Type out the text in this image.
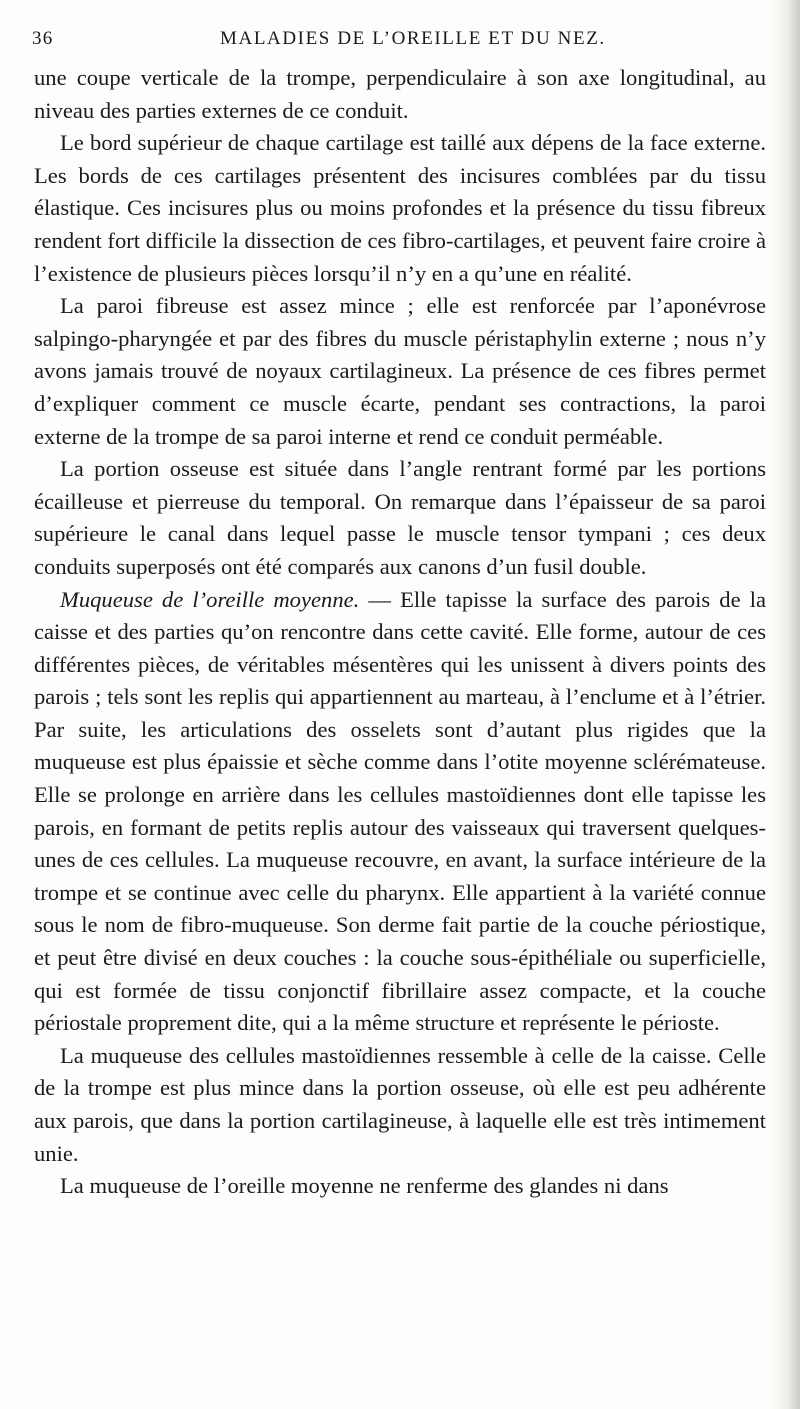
36	MALADIES DE L’OREILLE ET DU NEZ.

une coupe verticale de la trompe, perpendiculaire à son axe longitudinal, au niveau des parties externes de ce conduit.

Le bord supérieur de chaque cartilage est taillé aux dépens de la face externe. Les bords de ces cartilages présentent des incisures comblées par du tissu élastique. Ces incisures plus ou moins profondes et la présence du tissu fibreux rendent fort difficile la dissection de ces fibro-cartilages, et peuvent faire croire à l’existence de plusieurs pièces lorsqu’il n’y en a qu’une en réalité.

La paroi fibreuse est assez mince ; elle est renforcée par l’aponévrose salpingo-pharyngée et par des fibres du muscle péristaphylin externe ; nous n’y avons jamais trouvé de noyaux cartilagineux. La présence de ces fibres permet d’expliquer comment ce muscle écarte, pendant ses contractions, la paroi externe de la trompe de sa paroi interne et rend ce conduit perméable.

La portion osseuse est située dans l’angle rentrant formé par les portions écailleuse et pierreuse du temporal. On remarque dans l’épaisseur de sa paroi supérieure le canal dans lequel passe le muscle tensor tympani ; ces deux conduits superposés ont été comparés aux canons d’un fusil double.

Muqueuse de l’oreille moyenne. — Elle tapisse la surface des parois de la caisse et des parties qu’on rencontre dans cette cavité. Elle forme, autour de ces différentes pièces, de véritables mésentères qui les unissent à divers points des parois ; tels sont les replis qui appartiennent au marteau, à l’enclume et à l’étrier. Par suite, les articulations des osselets sont d’autant plus rigides que la muqueuse est plus épaissie et sèche comme dans l’otite moyenne sclérémateuse. Elle se prolonge en arrière dans les cellules mastoïdiennes dont elle tapisse les parois, en formant de petits replis autour des vaisseaux qui traversent quelques-unes de ces cellules. La muqueuse recouvre, en avant, la surface intérieure de la trompe et se continue avec celle du pharynx. Elle appartient à la variété connue sous le nom de fibro-muqueuse. Son derme fait partie de la couche périostique, et peut être divisé en deux couches : la couche sous-épithéliale ou superficielle, qui est formée de tissu conjonctif fibrillaire assez compacte, et la couche périostale proprement dite, qui a la même structure et représente le périoste.

La muqueuse des cellules mastoïdiennes ressemble à celle de la caisse. Celle de la trompe est plus mince dans la portion osseuse, où elle est peu adhérente aux parois, que dans la portion cartilagineuse, à laquelle elle est très intimement unie.

La muqueuse de l’oreille moyenne ne renferme des glandes ni dans
